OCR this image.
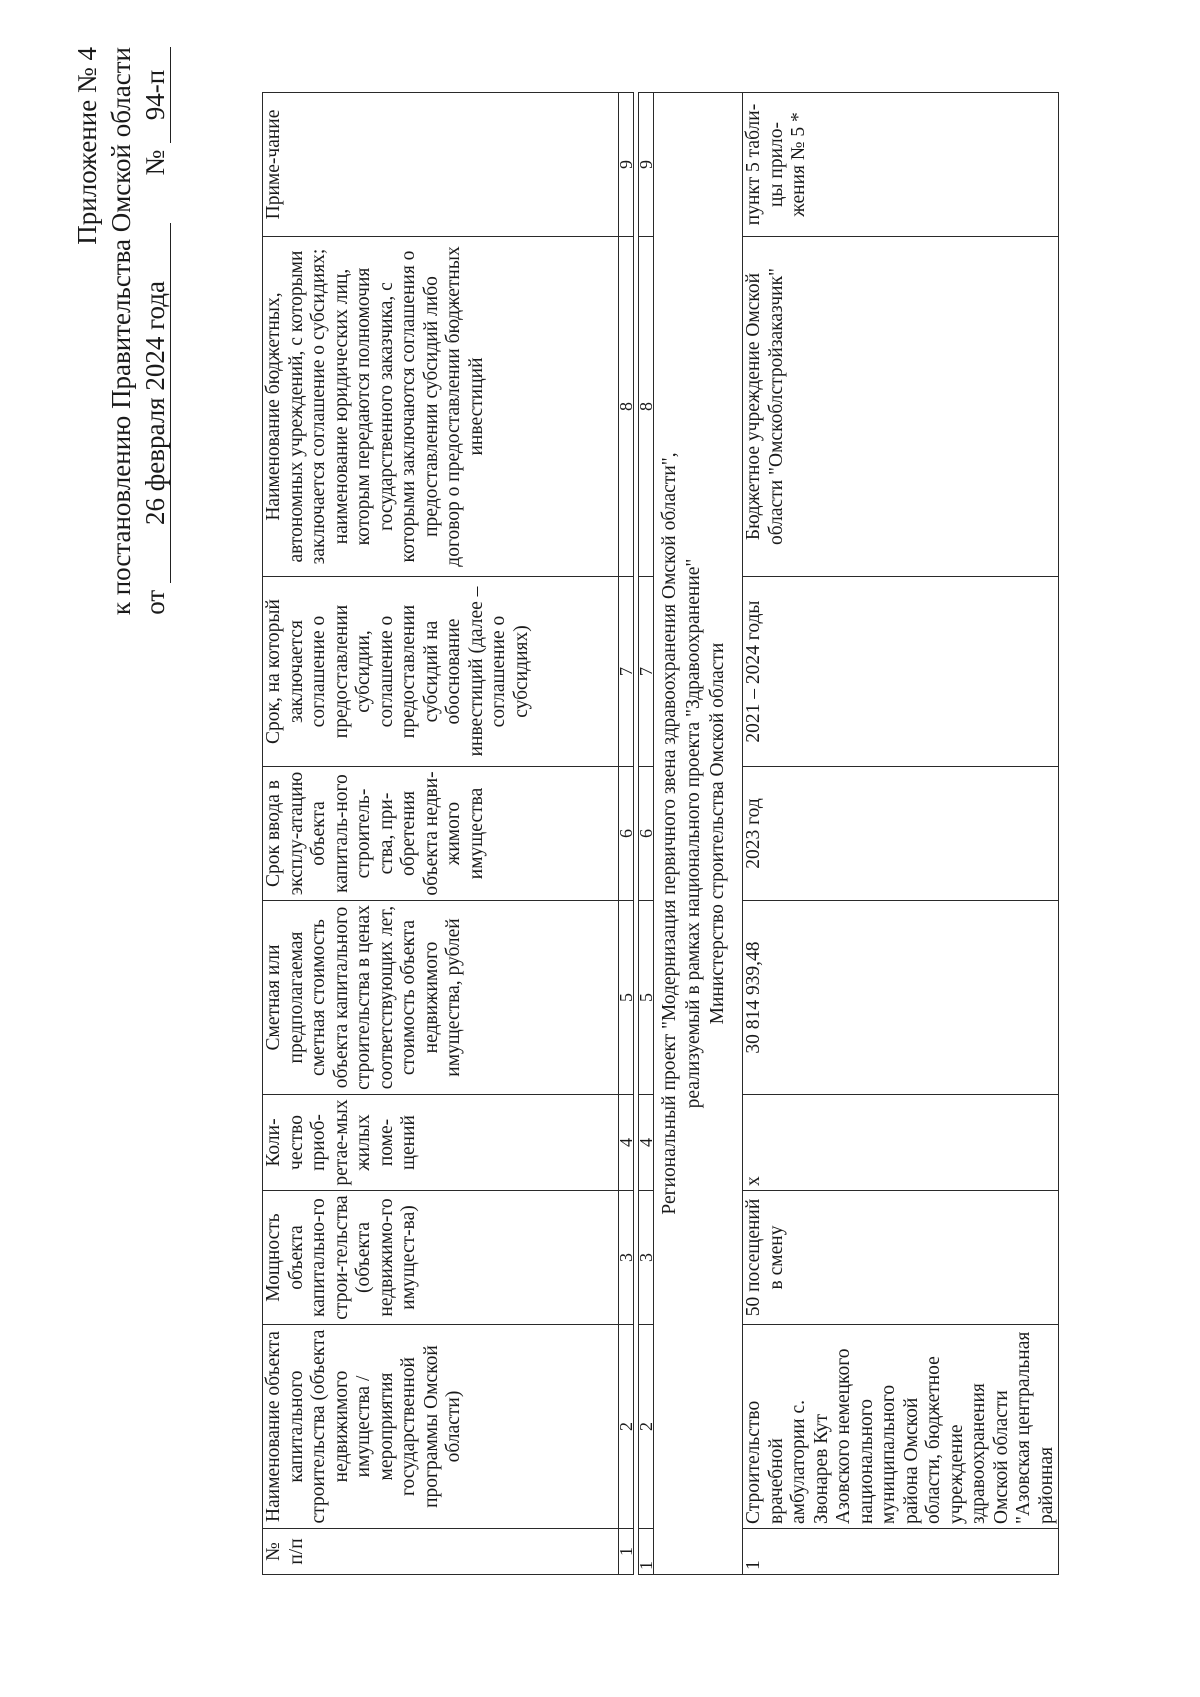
Приложение № 4 к постановлению Правительства Омской области от 26 февраля 2024 года  № 94-п
№ п/п	Наименование объекта капитального строительства (объекта недвижимого имущества / мероприятия государственной программы Омской области)	Мощность объекта капитально-го строи-тельства (объекта недвижимо-го имущест-ва)	Коли-чество приоб-ретае-мых жилых поме-щений	Сметная или предполагаемая сметная стоимость объекта капитального строительства в ценах соответствующих лет, стоимость объекта недвижимого имущества, рублей	Срок ввода в эксплу-атацию объекта капиталь-ного строитель-ства, при-обретения объекта недви-жимого имущества	Срок, на который заключается соглашение о предоставлении субсидии, соглашение о предоставлении субсидий на обоснование инвестиций (далее – соглашение о субсидиях)	Наименование бюджетных, автономных учреждений, с которыми заключается соглашение о субсидиях; наименование юридических лиц, которым передаются полномочия государственного заказчика, с которыми заключаются соглашения о предоставлении субсидий либо договор о предоставлении бюджетных инвестиций	Приме-чание
1	2	3	4	5	6	7	8	9

1	2	3	4	5	6	7	8	9

Региональный проект "Модернизация первичного звена здравоохранения Омской области", реализуемый в рамках национального проекта "Здравоохранение" Министерство строительства Омской области								

1	Строительство врачебной амбулатории с. Звонарев Кут Азовского немецкого национального муниципального района Омской области, бюджетное учреждение здравоохранения Омской области "Азовская центральная районная	50 посещений в смену	х	30 814 939,48	2023 год	2021 – 2024 годы	Бюджетное учреждение Омской области "Омскоблстройзаказчик"	пункт 5 табли-цы прило-жения № 5 *
